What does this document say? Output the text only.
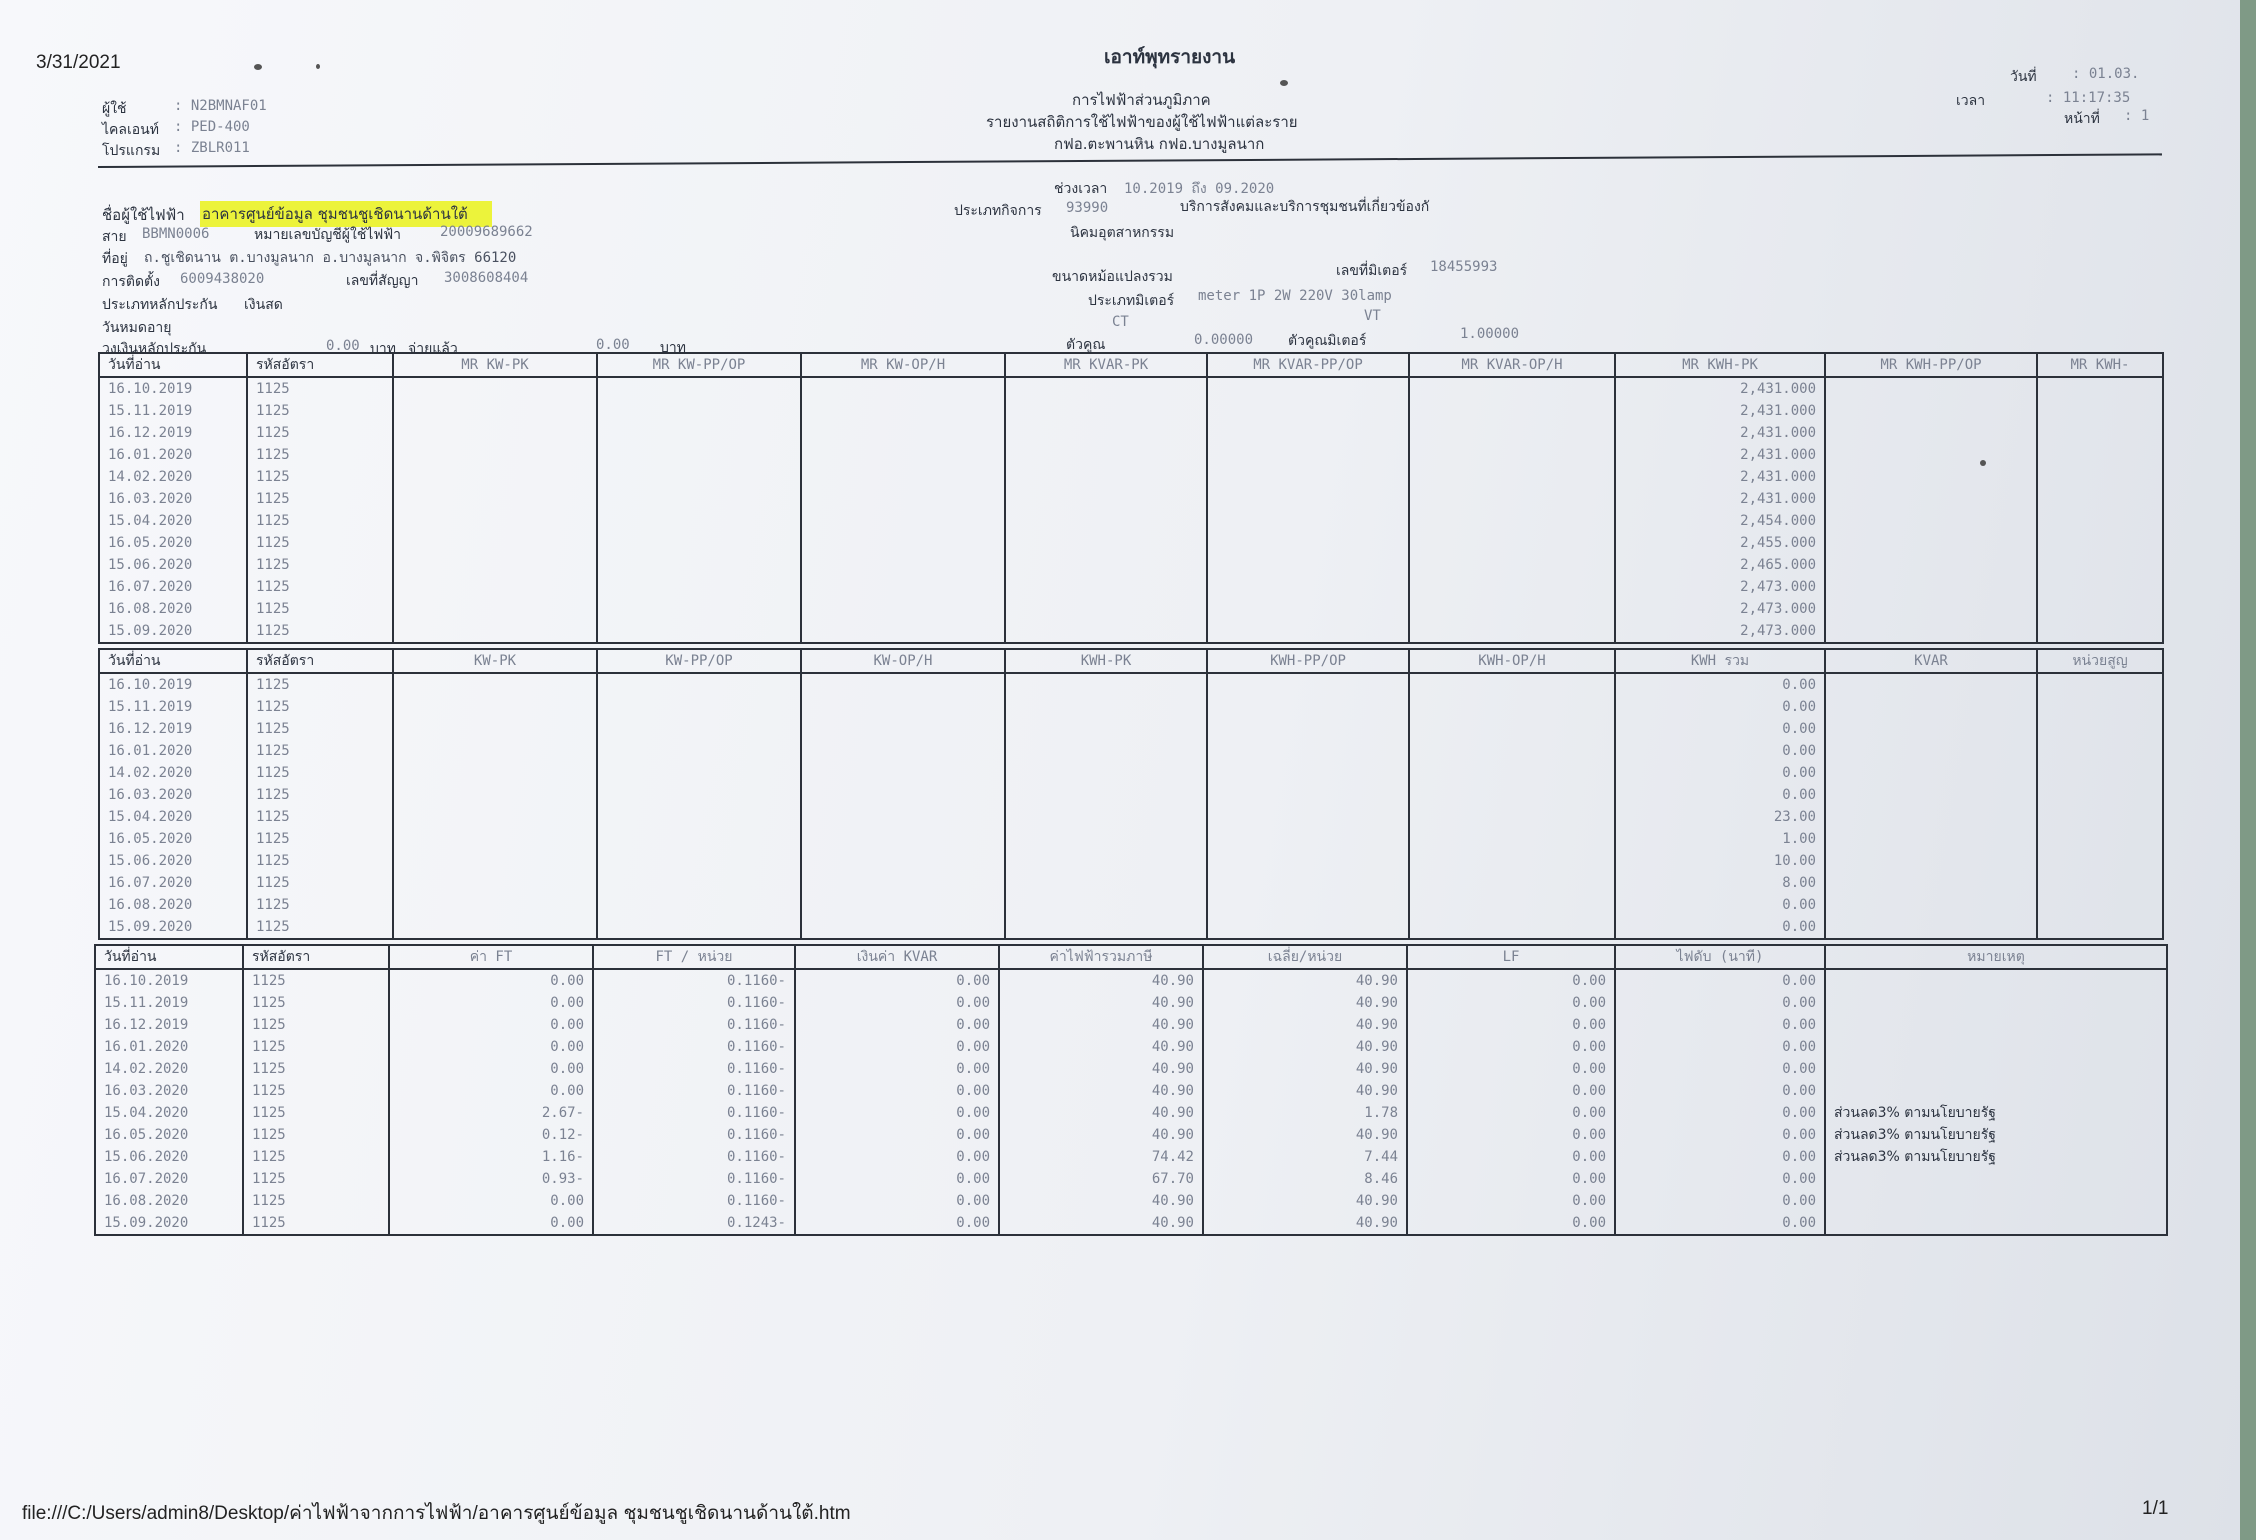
3/31/2021
file:///C:/Users/admin8/Desktop/ค่าไฟฟ้าจากการไฟฟ้า/อาคารศูนย์ข้อมูล ชุมชนชูเชิดนานด้านใต้.htm	1/1
เอาท์พุทรายงาน
การไฟฟ้าส่วนภูมิภาค
รายงานสถิติการใช้ไฟฟ้าของผู้ใช้ไฟฟ้าแต่ละราย
กฟอ.ตะพานหิน กฟอ.บางมูลนาก
ผู้ใช้	: N2BMNAF01
ไคลเอนท์ : PED-400
โปรแกรม : ZBLR011
วันที่	: 01.03.
เวลา	: 11:17:35
หน้าที่ : 1
ชื่อผู้ใช้ไฟฟ้า อาคารศูนย์ข้อมูล ชุมชนชูเชิดนานด้านใต้
สาย BBMN0006	หมายเลขบัญชีผู้ใช้ไฟฟ้า	20009689662
ที่อยู่ ถ.ชูเชิดนาน ต.บางมูลนาก อ.บางมูลนาก จ.พิจิตร 66120
การติดตั้ง 6009438020	เลขที่สัญญา 3008608404
ประเภทหลักประกัน เงินสด
วันหมดอายุ
วงเงินหลักประกัน	0.00 บาท จ่ายแล้ว	0.00 บาท
ช่วงเวลา 10.2019 ถึง 09.2020
ประเภทกิจการ 93990	บริการสังคมและบริการชุมชนที่เกี่ยวข้องกั
นิคมอุตสาหกรรม
ขนาดหม้อแปลงรวม	เลขที่มิเตอร์ 18455993
ประเภทมิเตอร์ meter 1P 2W 220V 30lamp
CT	VT
ตัวคูณ	0.00000 ตัวคูณมิเตอร์	1.00000
วันที่อ่าน	รหัสอัตรา	MR KW-PK	MR KW-PP/OP	MR KW-OP/H	MR KVAR-PK	MR KVAR-PP/OP	MR KVAR-OP/H	MR KWH-PK	MR KWH-PP/OP	MR KWH-
16.10.2019	1125							2,431.000		
15.11.2019	1125							2,431.000		
16.12.2019	1125							2,431.000		
16.01.2020	1125							2,431.000		
14.02.2020	1125							2,431.000		
16.03.2020	1125							2,431.000		
15.04.2020	1125							2,454.000		
16.05.2020	1125							2,455.000		
15.06.2020	1125							2,465.000		
16.07.2020	1125							2,473.000		
16.08.2020	1125							2,473.000		
15.09.2020	1125							2,473.000		
วันที่อ่าน	รหัสอัตรา	KW-PK	KW-PP/OP	KW-OP/H	KWH-PK	KWH-PP/OP	KWH-OP/H	KWH รวม	KVAR	หน่วยสูญ
16.10.2019	1125							0.00		
15.11.2019	1125							0.00		
16.12.2019	1125							0.00		
16.01.2020	1125							0.00		
14.02.2020	1125							0.00		
16.03.2020	1125							0.00		
15.04.2020	1125							23.00		
16.05.2020	1125							1.00		
15.06.2020	1125							10.00		
16.07.2020	1125							8.00		
16.08.2020	1125							0.00		
15.09.2020	1125							0.00		
วันที่อ่าน	รหัสอัตรา	ค่า FT	FT / หน่วย	เงินค่า KVAR	ค่าไฟฟ้ารวมภาษี	เฉลี่ย/หน่วย	LF	ไฟดับ (นาที)	หมายเหตุ
16.10.2019	1125	0.00	0.1160-	0.00	40.90	40.90	0.00	0.00	
15.11.2019	1125	0.00	0.1160-	0.00	40.90	40.90	0.00	0.00	
16.12.2019	1125	0.00	0.1160-	0.00	40.90	40.90	0.00	0.00	
16.01.2020	1125	0.00	0.1160-	0.00	40.90	40.90	0.00	0.00	
14.02.2020	1125	0.00	0.1160-	0.00	40.90	40.90	0.00	0.00	
16.03.2020	1125	0.00	0.1160-	0.00	40.90	40.90	0.00	0.00	
15.04.2020	1125	2.67-	0.1160-	0.00	40.90	1.78	0.00	0.00	ส่วนลด3% ตามนโยบายรัฐ
16.05.2020	1125	0.12-	0.1160-	0.00	40.90	40.90	0.00	0.00	ส่วนลด3% ตามนโยบายรัฐ
15.06.2020	1125	1.16-	0.1160-	0.00	74.42	7.44	0.00	0.00	ส่วนลด3% ตามนโยบายรัฐ
16.07.2020	1125	0.93-	0.1160-	0.00	67.70	8.46	0.00	0.00	
16.08.2020	1125	0.00	0.1160-	0.00	40.90	40.90	0.00	0.00	
15.09.2020	1125	0.00	0.1243-	0.00	40.90	40.90	0.00	0.00	
